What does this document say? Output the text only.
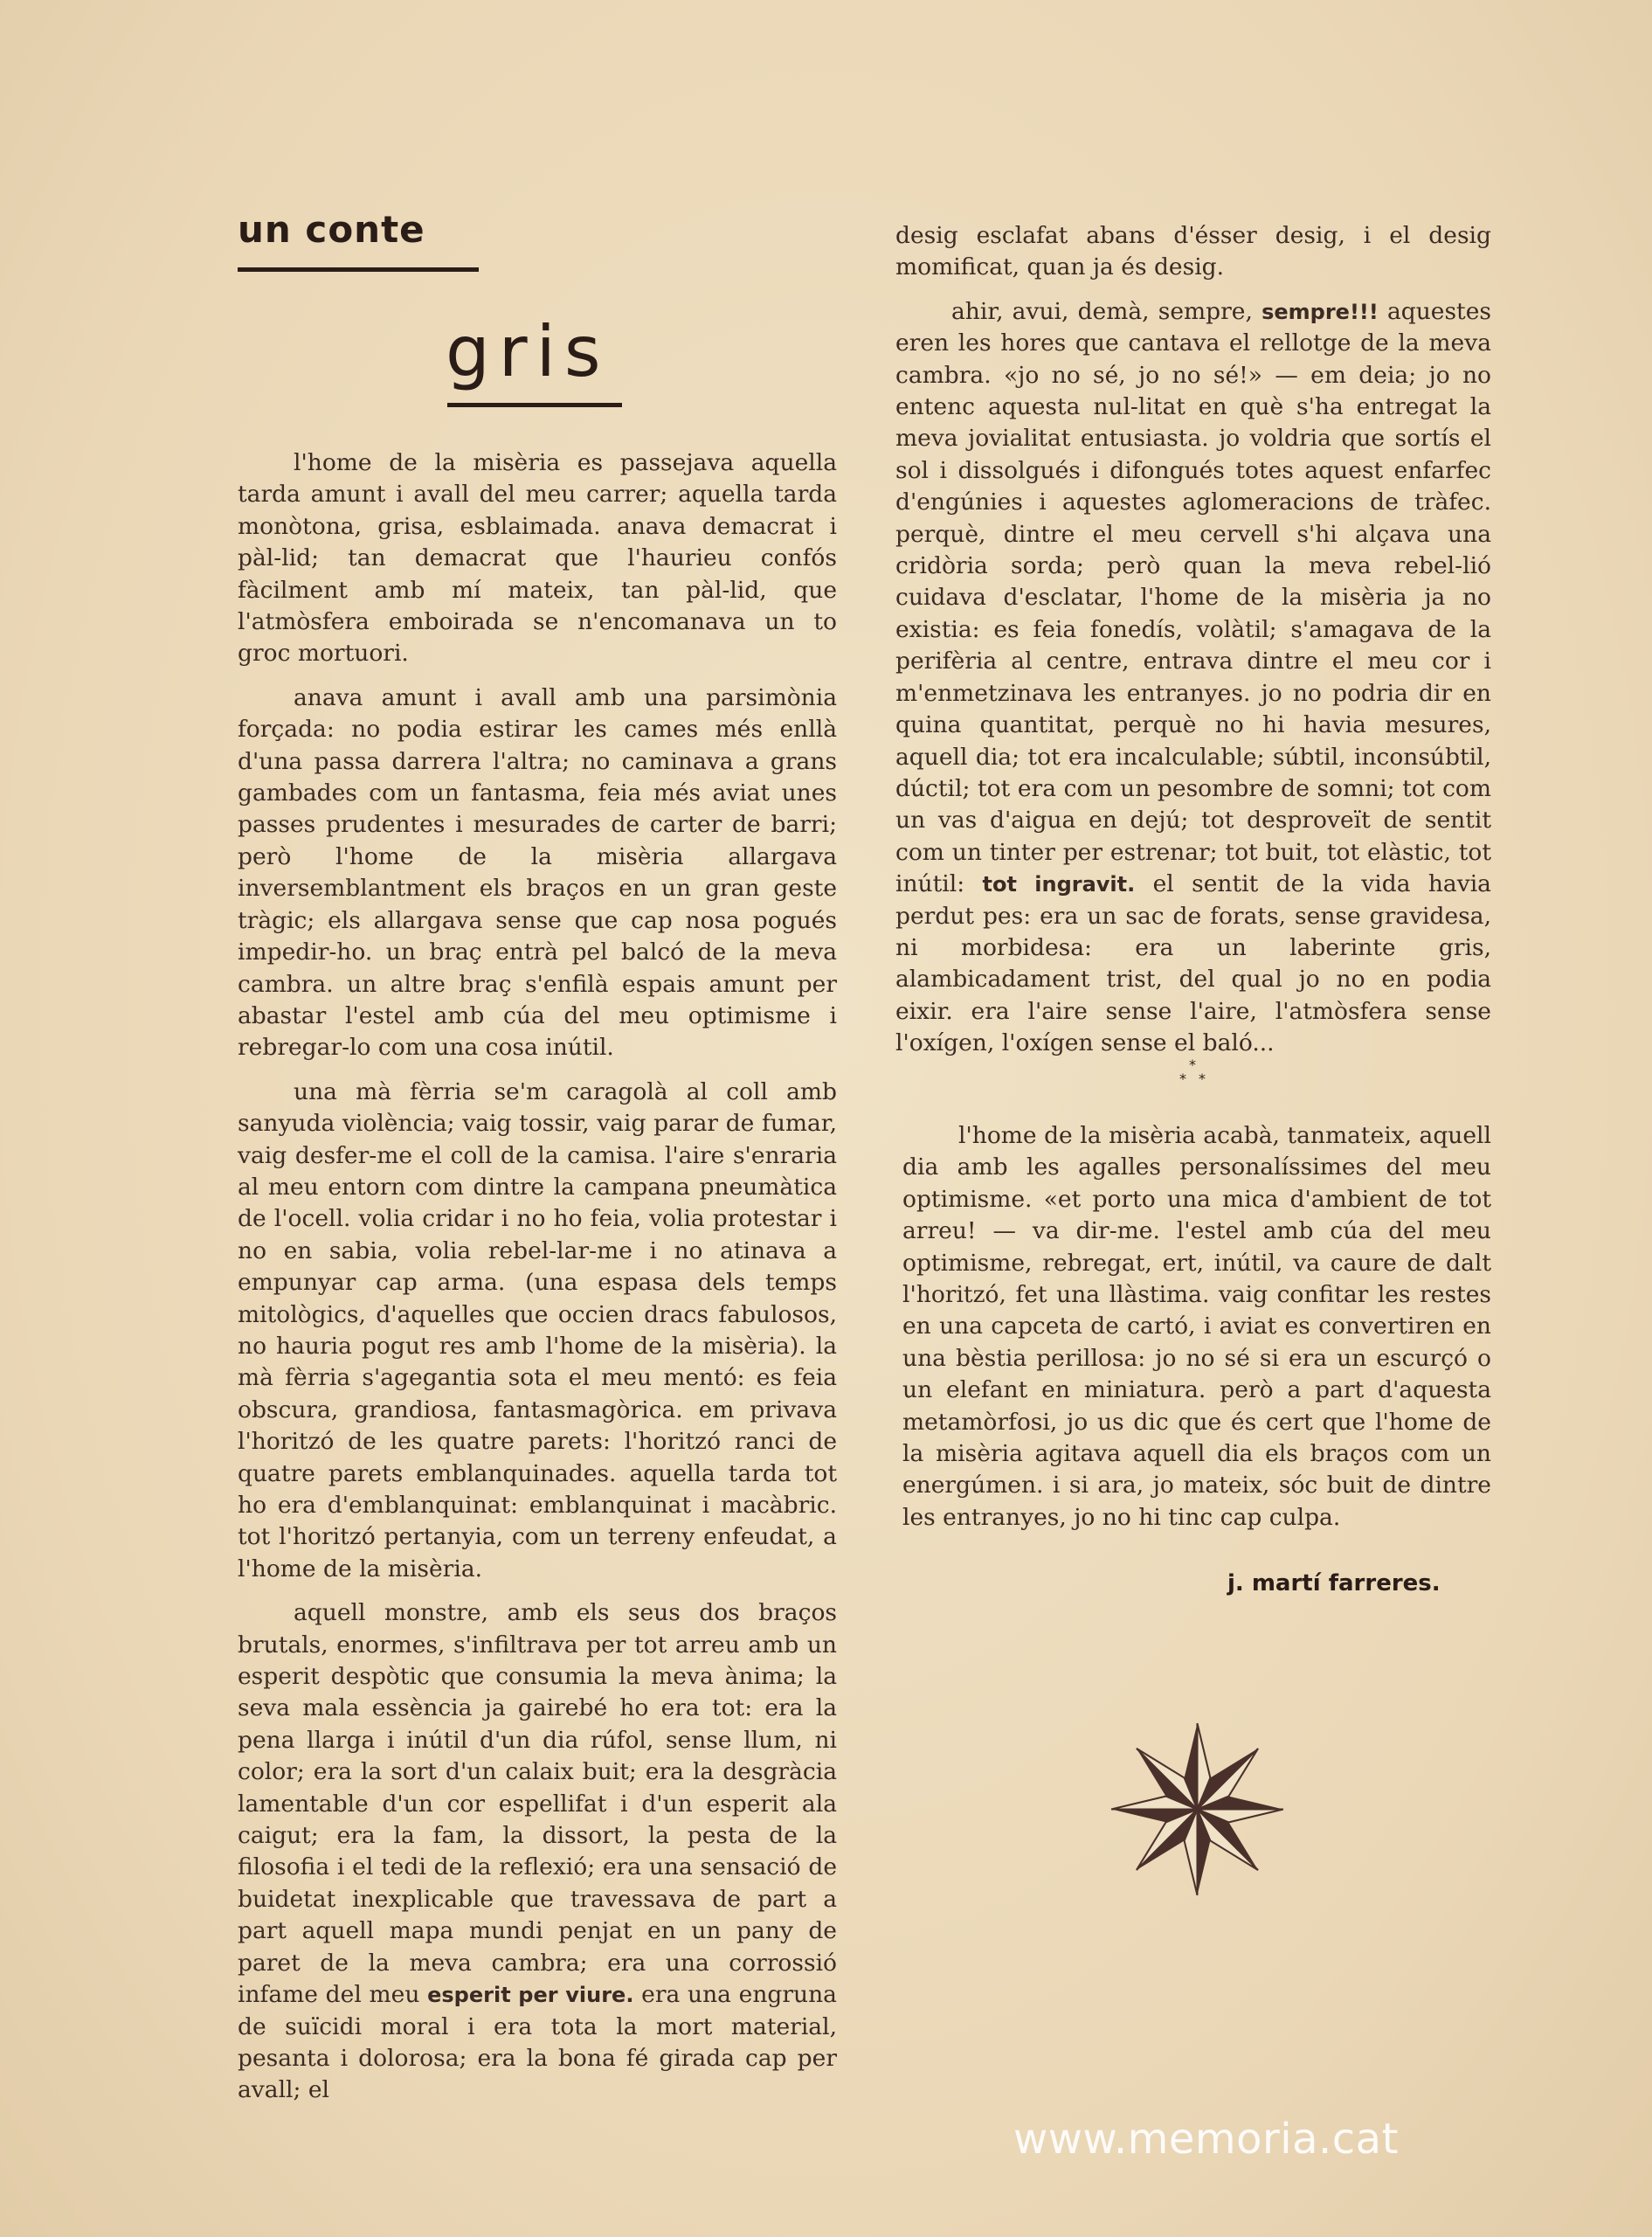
un conte
gris

l'home de la misèria es passejava aquella tarda amunt i avall del meu carrer; aquella tarda monòtona, grisa, esblaimada. anava demacrat i pàl-lid; tan demacrat que l'haurieu confós fàcilment amb mí mateix, tan pàl-lid, que l'atmòsfera emboirada se n'encomanava un to groc mortuori.

anava amunt i avall amb una parsimònia forçada: no podia estirar les cames més enllà d'una passa darrera l'altra; no caminava a grans gambades com un fantasma, feia més aviat unes passes prudentes i mesurades de carter de barri; però l'home de la misèria allargava inversemblantment els braços en un gran geste tràgic; els allargava sense que cap nosa pogués impedir-ho. un braç entrà pel balcó de la meva cambra. un altre braç s'enfilà espais amunt per abastar l'estel amb cúa del meu optimisme i rebregar-lo com una cosa inútil.

una mà fèrria se'm caragolà al coll amb sanyuda violència; vaig tossir, vaig parar de fumar, vaig desfer-me el coll de la camisa. l'aire s'enraria al meu entorn com dintre la campana pneumàtica de l'ocell. volia cridar i no ho feia, volia protestar i no en sabia, volia rebel-lar-me i no atinava a empunyar cap arma. (una espasa dels temps mitològics, d'aquelles que occien dracs fabulosos, no hauria pogut res amb l'home de la misèria). la mà fèrria s'agegantia sota el meu mentó: es feia obscura, grandiosa, fantasmagòrica. em privava l'horitzó de les quatre parets: l'horitzó ranci de quatre parets emblanquinades. aquella tarda tot ho era d'emblanquinat: emblanquinat i macàbric. tot l'horitzó pertanyia, com un terreny enfeudat, a l'home de la misèria.

aquell monstre, amb els seus dos braços brutals, enormes, s'infiltrava per tot arreu amb un esperit despòtic que consumia la meva ànima; la seva mala essència ja gairebé ho era tot: era la pena llarga i inútil d'un dia rúfol, sense llum, ni color; era la sort d'un calaix buit; era la desgràcia lamentable d'un cor espellifat i d'un esperit ala caigut; era la fam, la dissort, la pesta de la filosofia i el tedi de la reflexió; era una sensació de buidetat inexplicable que travessava de part a part aquell mapa mundi penjat en un pany de paret de la meva cambra; era una corrossió infame del meu esperit per viure. era una engruna de suïcidi moral i era tota la mort material, pesanta i dolorosa; era la bona fé girada cap per avall; el

desig esclafat abans d'ésser desig, i el desig momificat, quan ja és desig.

ahir, avui, demà, sempre, sempre!!! aquestes eren les hores que cantava el rellotge de la meva cambra. «jo no sé, jo no sé!» — em deia; jo no entenc aquesta nul-litat en què s'ha entregat la meva jovialitat entusiasta. jo voldria que sortís el sol i dissolgués i difongués totes aquest enfarfec d'engúnies i aquestes aglomeracions de tràfec. perquè, dintre el meu cervell s'hi alçava una cridòria sorda; però quan la meva rebel-lió cuidava d'esclatar, l'home de la misèria ja no existia: es feia fonedís, volàtil; s'amagava de la perifèria al centre, entrava dintre el meu cor i m'enmetzinava les entranyes. jo no podria dir en quina quantitat, perquè no hi havia mesures, aquell dia; tot era incalculable; súbtil, inconsúbtil, dúctil; tot era com un pesombre de somni; tot com un vas d'aigua en dejú; tot desproveït de sentit com un tinter per estrenar; tot buit, tot elàstic, tot inútil: tot ingravit. el sentit de la vida havia perdut pes: era un sac de forats, sense gravidesa, ni morbidesa: era un laberinte gris, alambicadament trist, del qual jo no en podia eixir. era l'aire sense l'aire, l'atmòsfera sense l'oxígen, l'oxígen sense el baló...

*
* *

l'home de la misèria acabà, tanmateix, aquell dia amb les agalles personalíssimes del meu optimisme. «et porto una mica d'ambient de tot arreu! — va dir-me. l'estel amb cúa del meu optimisme, rebregat, ert, inútil, va caure de dalt l'horitzó, fet una llàstima. vaig confitar les restes en una capceta de cartó, i aviat es convertiren en una bèstia perillosa: jo no sé si era un escurçó o un elefant en miniatura. però a part d'aquesta metamòrfosi, jo us dic que és cert que l'home de la misèria agitava aquell dia els braços com un energúmen. i si ara, jo mateix, sóc buit de dintre les entranyes, jo no hi tinc cap culpa.

j. martí farreres.
www.memoria.cat
